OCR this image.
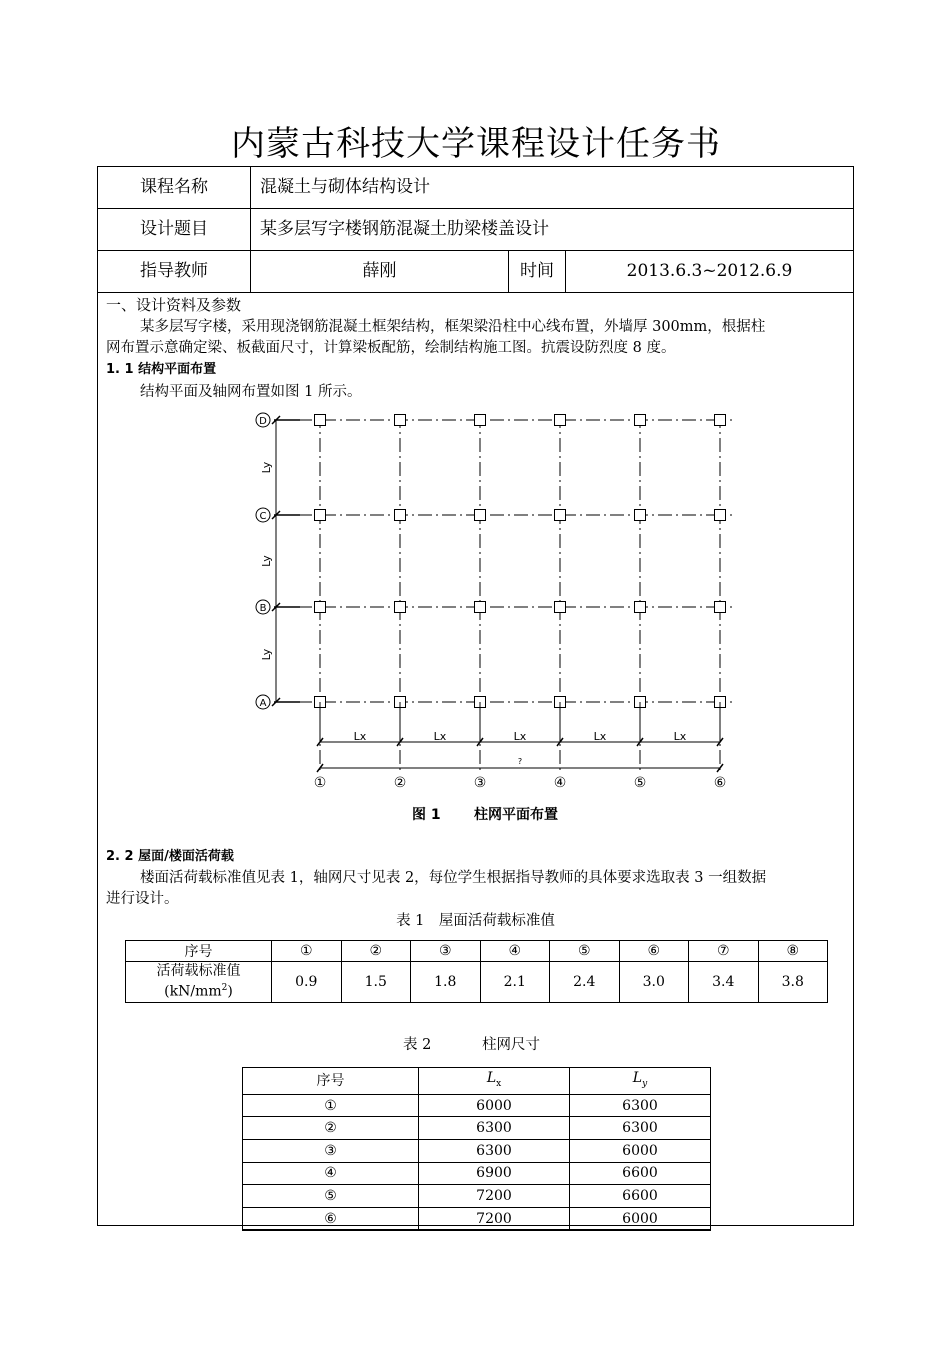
内蒙古科技大学课程设计任务书
课程名称	混凝土与砌体结构设计
设计题目	某多层写字楼钢筋混凝土肋梁楼盖设计
指导教师	薛刚	时间	2013.6.3~2012.6.9
一、设计资料及参数
某多层写字楼，采用现浇钢筋混凝土框架结构，框架梁沿柱中心线布置，外墙厚 300mm，根据柱
网布置示意确定梁、板截面尺寸，计算梁板配筋，绘制结构施工图。抗震设防烈度 8 度。
1. 1 结构平面布置
结构平面及轴网布置如图 1 所示。
图 1 柱网平面布置
2. 2 屋面/楼面活荷载
楼面活荷载标准值见表 1，轴网尺寸见表 2，每位学生根据指导教师的具体要求选取表 3 一组数据
进行设计。
表 1　屋面活荷载标准值
序号	①	②	③	④	⑤	⑥	⑦	⑧
活荷载标准值
$(kN/mm^2)$	0.9	1.5	1.8	2.1	2.4	3.0	3.4	3.8
表 2	柱网尺寸
序号	$L_x$	$L_y$
①	6000	6300
②	6300	6300
③	6300	6000
④	6900	6600
⑤	7200	6600
⑥	7200	6000
D
C
B
A
①	②	③	④	⑤	⑥
Ly
Ly
Ly
Lx	Lx	Lx	Lx	Lx
?
